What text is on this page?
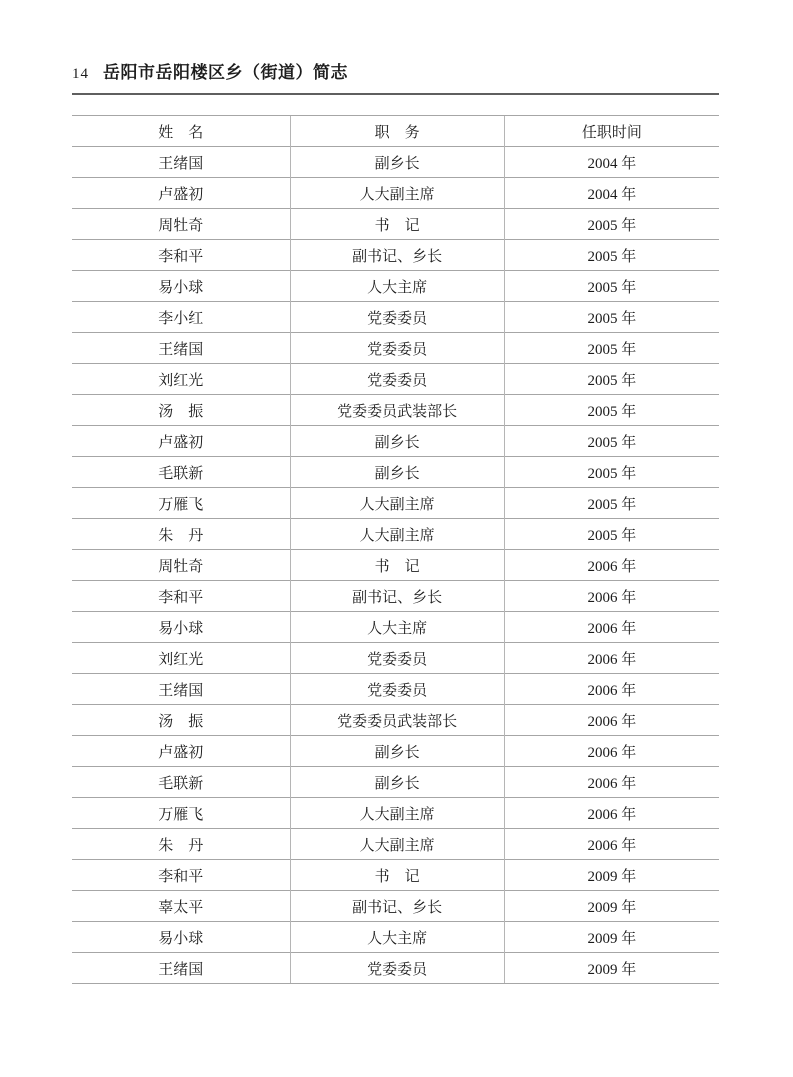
14 岳阳市岳阳楼区乡（街道）简志
姓　名	职　务	任职时间
王绪国	副乡长	2004 年
卢盛初	人大副主席	2004 年
周牡奇	书　记	2005 年
李和平	副书记、乡长	2005 年
易小球	人大主席	2005 年
李小红	党委委员	2005 年
王绪国	党委委员	2005 年
刘红光	党委委员	2005 年
汤　振	党委委员武装部长	2005 年
卢盛初	副乡长	2005 年
毛联新	副乡长	2005 年
万雁飞	人大副主席	2005 年
朱　丹	人大副主席	2005 年
周牡奇	书　记	2006 年
李和平	副书记、乡长	2006 年
易小球	人大主席	2006 年
刘红光	党委委员	2006 年
王绪国	党委委员	2006 年
汤　振	党委委员武装部长	2006 年
卢盛初	副乡长	2006 年
毛联新	副乡长	2006 年
万雁飞	人大副主席	2006 年
朱　丹	人大副主席	2006 年
李和平	书　记	2009 年
辜太平	副书记、乡长	2009 年
易小球	人大主席	2009 年
王绪国	党委委员	2009 年
